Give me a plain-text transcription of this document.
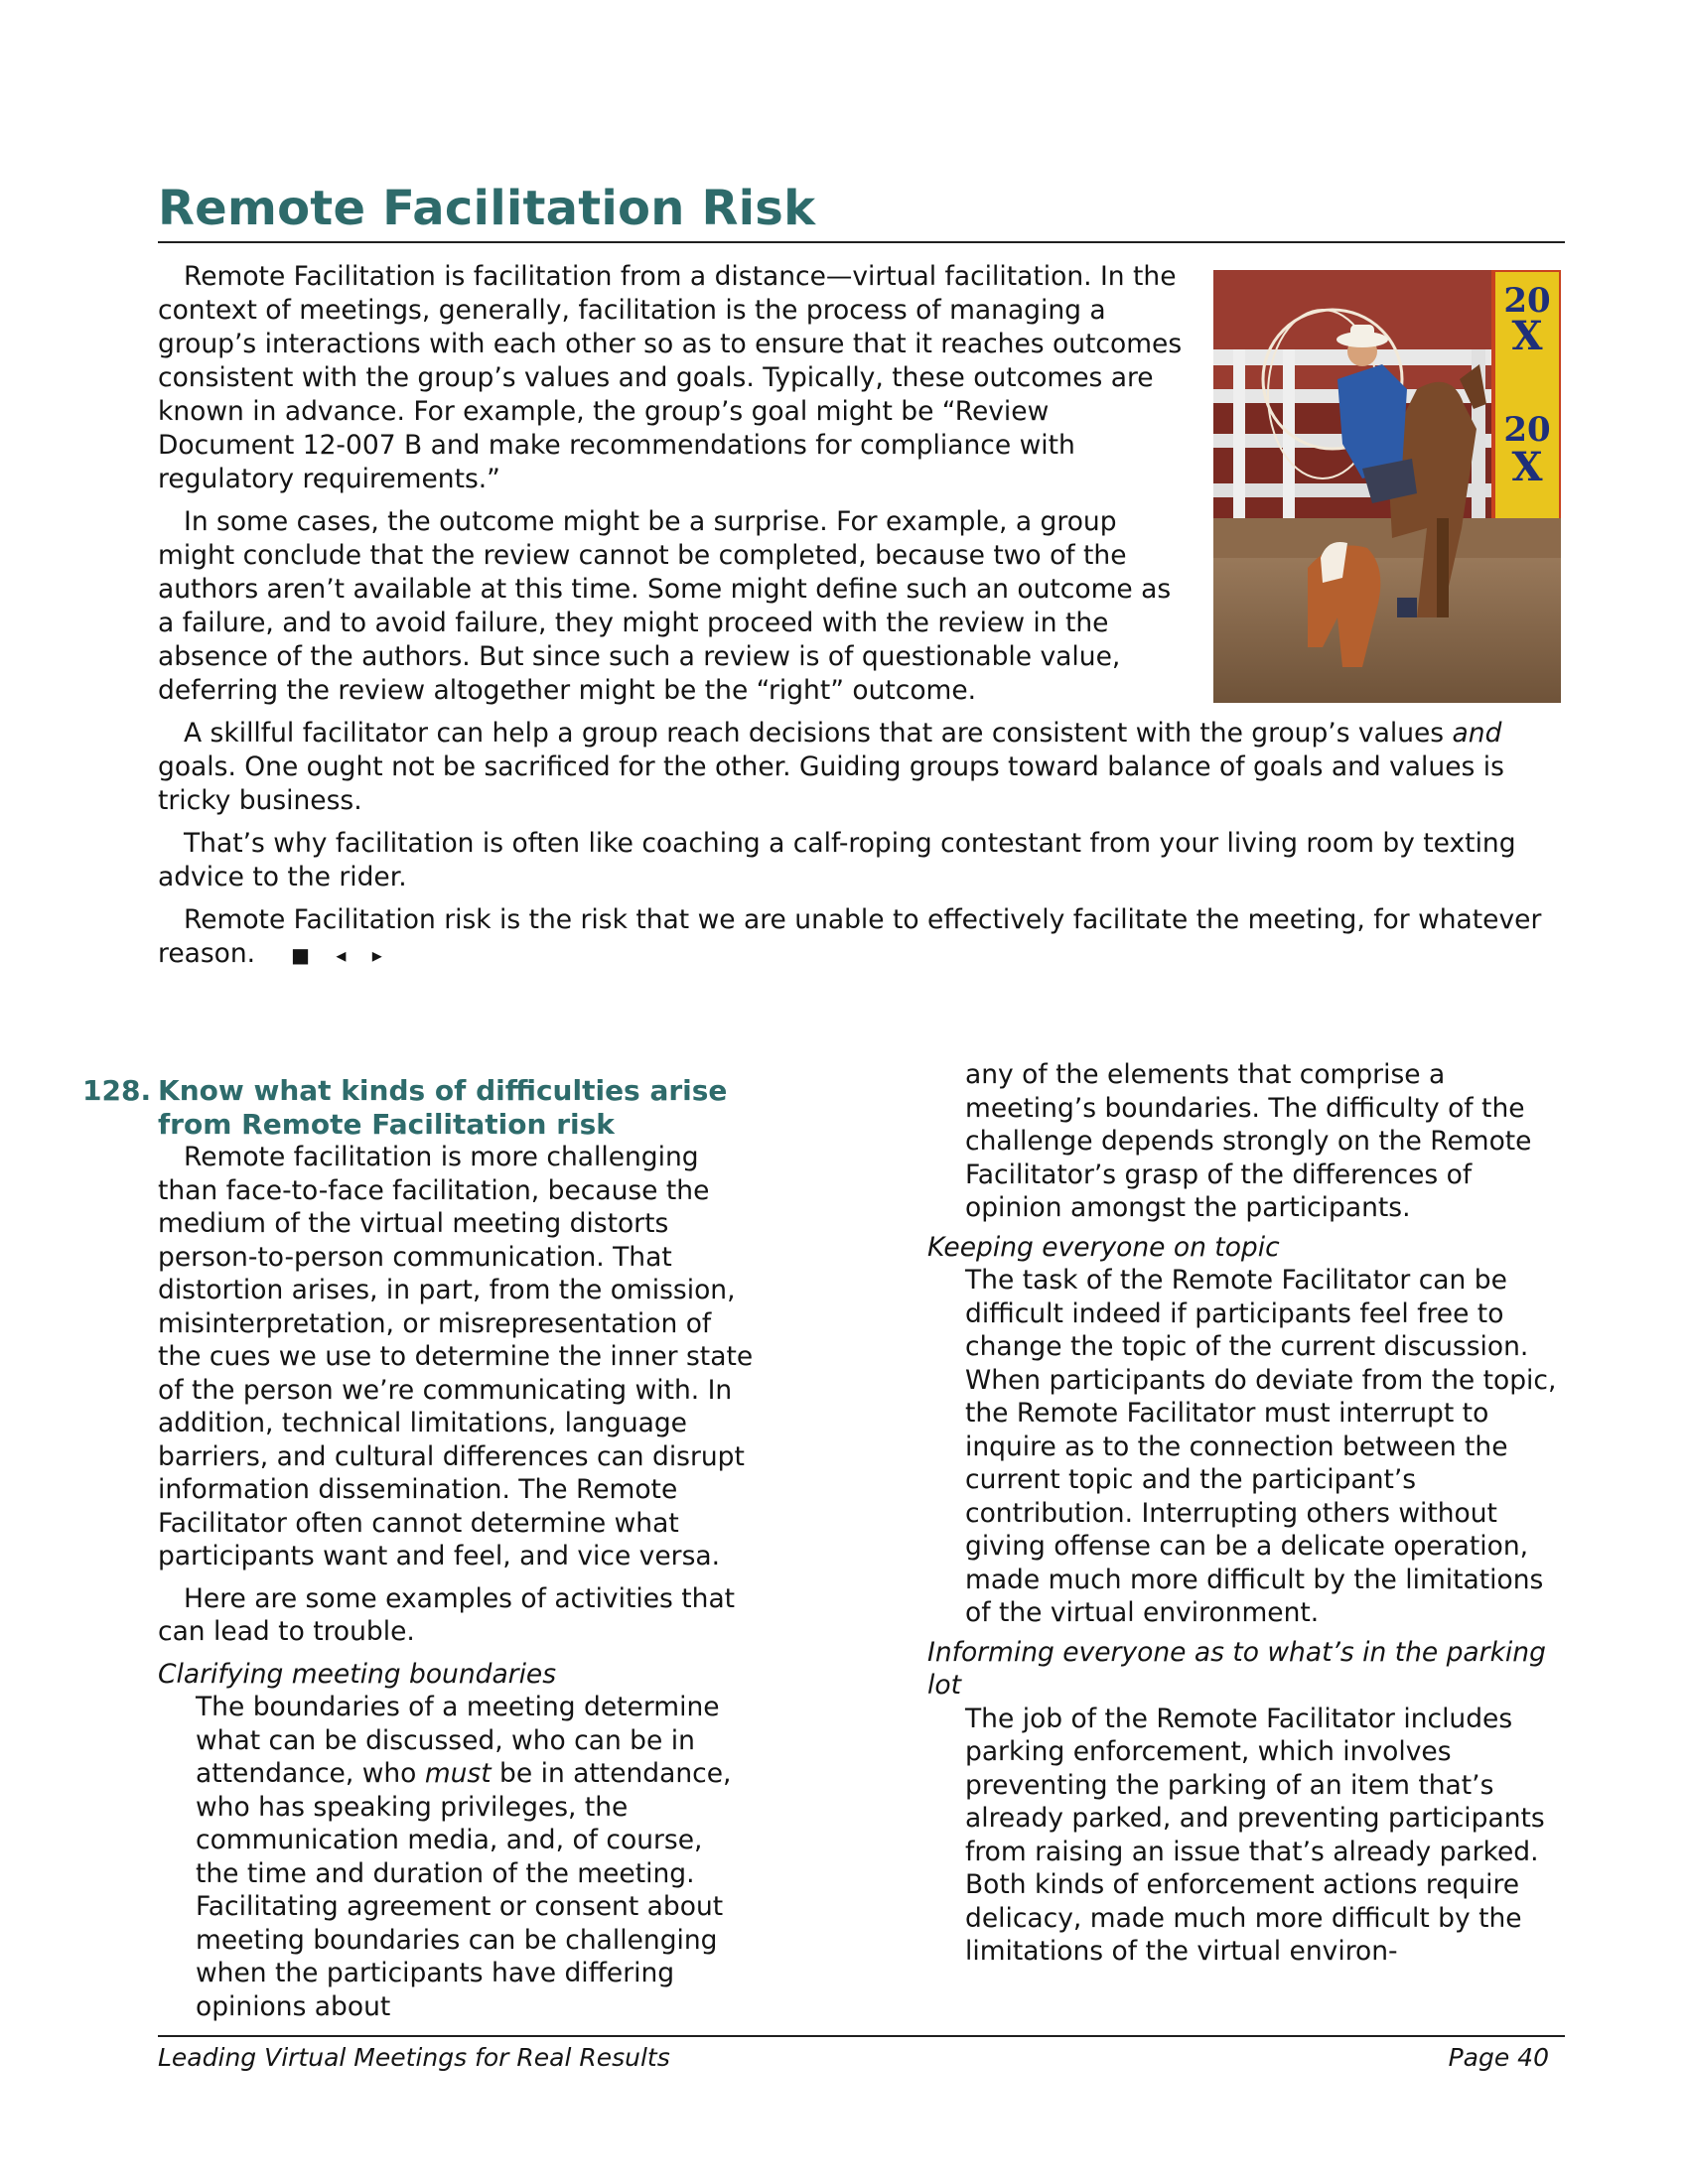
Remote Facilitation Risk

Remote Facilitation is facilitation from a distance—virtual facilitation. In the context of meetings, generally, facilitation is the process of managing a group’s interactions with each other so as to ensure that it reaches outcomes consistent with the group’s values and goals. Typically, these outcomes are known in advance. For example, the group’s goal might be “Review Document 12-007 B and make recommendations for compliance with regulatory requirements.”

In some cases, the outcome might be a surprise. For example, a group might conclude that the review cannot be completed, because two of the authors aren’t available at this time. Some might define such an outcome as a failure, and to avoid failure, they might proceed with the review in the absence of the authors. But since such a review is of questionable value, deferring the review altogether might be the “right” outcome.

A skillful facilitator can help a group reach decisions that are consistent with the group’s values and goals. One ought not be sacrificed for the other. Guiding groups toward balance of goals and values is tricky business.

That’s why facilitation is often like coaching a calf-roping contestant from your living room by texting advice to the rider.

Remote Facilitation risk is the risk that we are unable to effectively facilitate the meeting, for whatever reason. ■ ◂ ▸

20
X
20
X
128. Know what kinds of difficulties arise from Remote Facilitation risk

Remote facilitation is more challenging than face-to-face facilitation, because the medium of the virtual meeting distorts person-to-person communication. That distortion arises, in part, from the omission, misinterpretation, or misrepresentation of the cues we use to determine the inner state of the person we’re communicating with. In addition, technical limitations, language barriers, and cultural differences can disrupt information dissemination. The Remote Facilitator often cannot determine what participants want and feel, and vice versa.

Here are some examples of activities that can lead to trouble.

Clarifying meeting boundaries

The boundaries of a meeting determine what can be discussed, who can be in attendance, who must be in attendance, who has speaking privileges, the communication media, and, of course, the time and duration of the meeting. Facilitating agreement or consent about meeting boundaries can be challenging when the participants have differing opinions about

any of the elements that comprise a meeting’s boundaries. The difficulty of the challenge depends strongly on the Remote Facilitator’s grasp of the differences of opinion amongst the participants.

Keeping everyone on topic

The task of the Remote Facilitator can be difficult indeed if participants feel free to change the topic of the current discussion. When participants do deviate from the topic, the Remote Facilitator must interrupt to inquire as to the connection between the current topic and the participant’s contribution. Interrupting others without giving offense can be a delicate operation, made much more difficult by the limitations of the virtual environment.

Informing everyone as to what’s in the parking lot

The job of the Remote Facilitator includes parking enforcement, which involves preventing the parking of an item that’s already parked, and preventing participants from raising an issue that’s already parked. Both kinds of enforcement actions require delicacy, made much more difficult by the limitations of the virtual environ-

Leading Virtual Meetings for Real Results	Page 40
